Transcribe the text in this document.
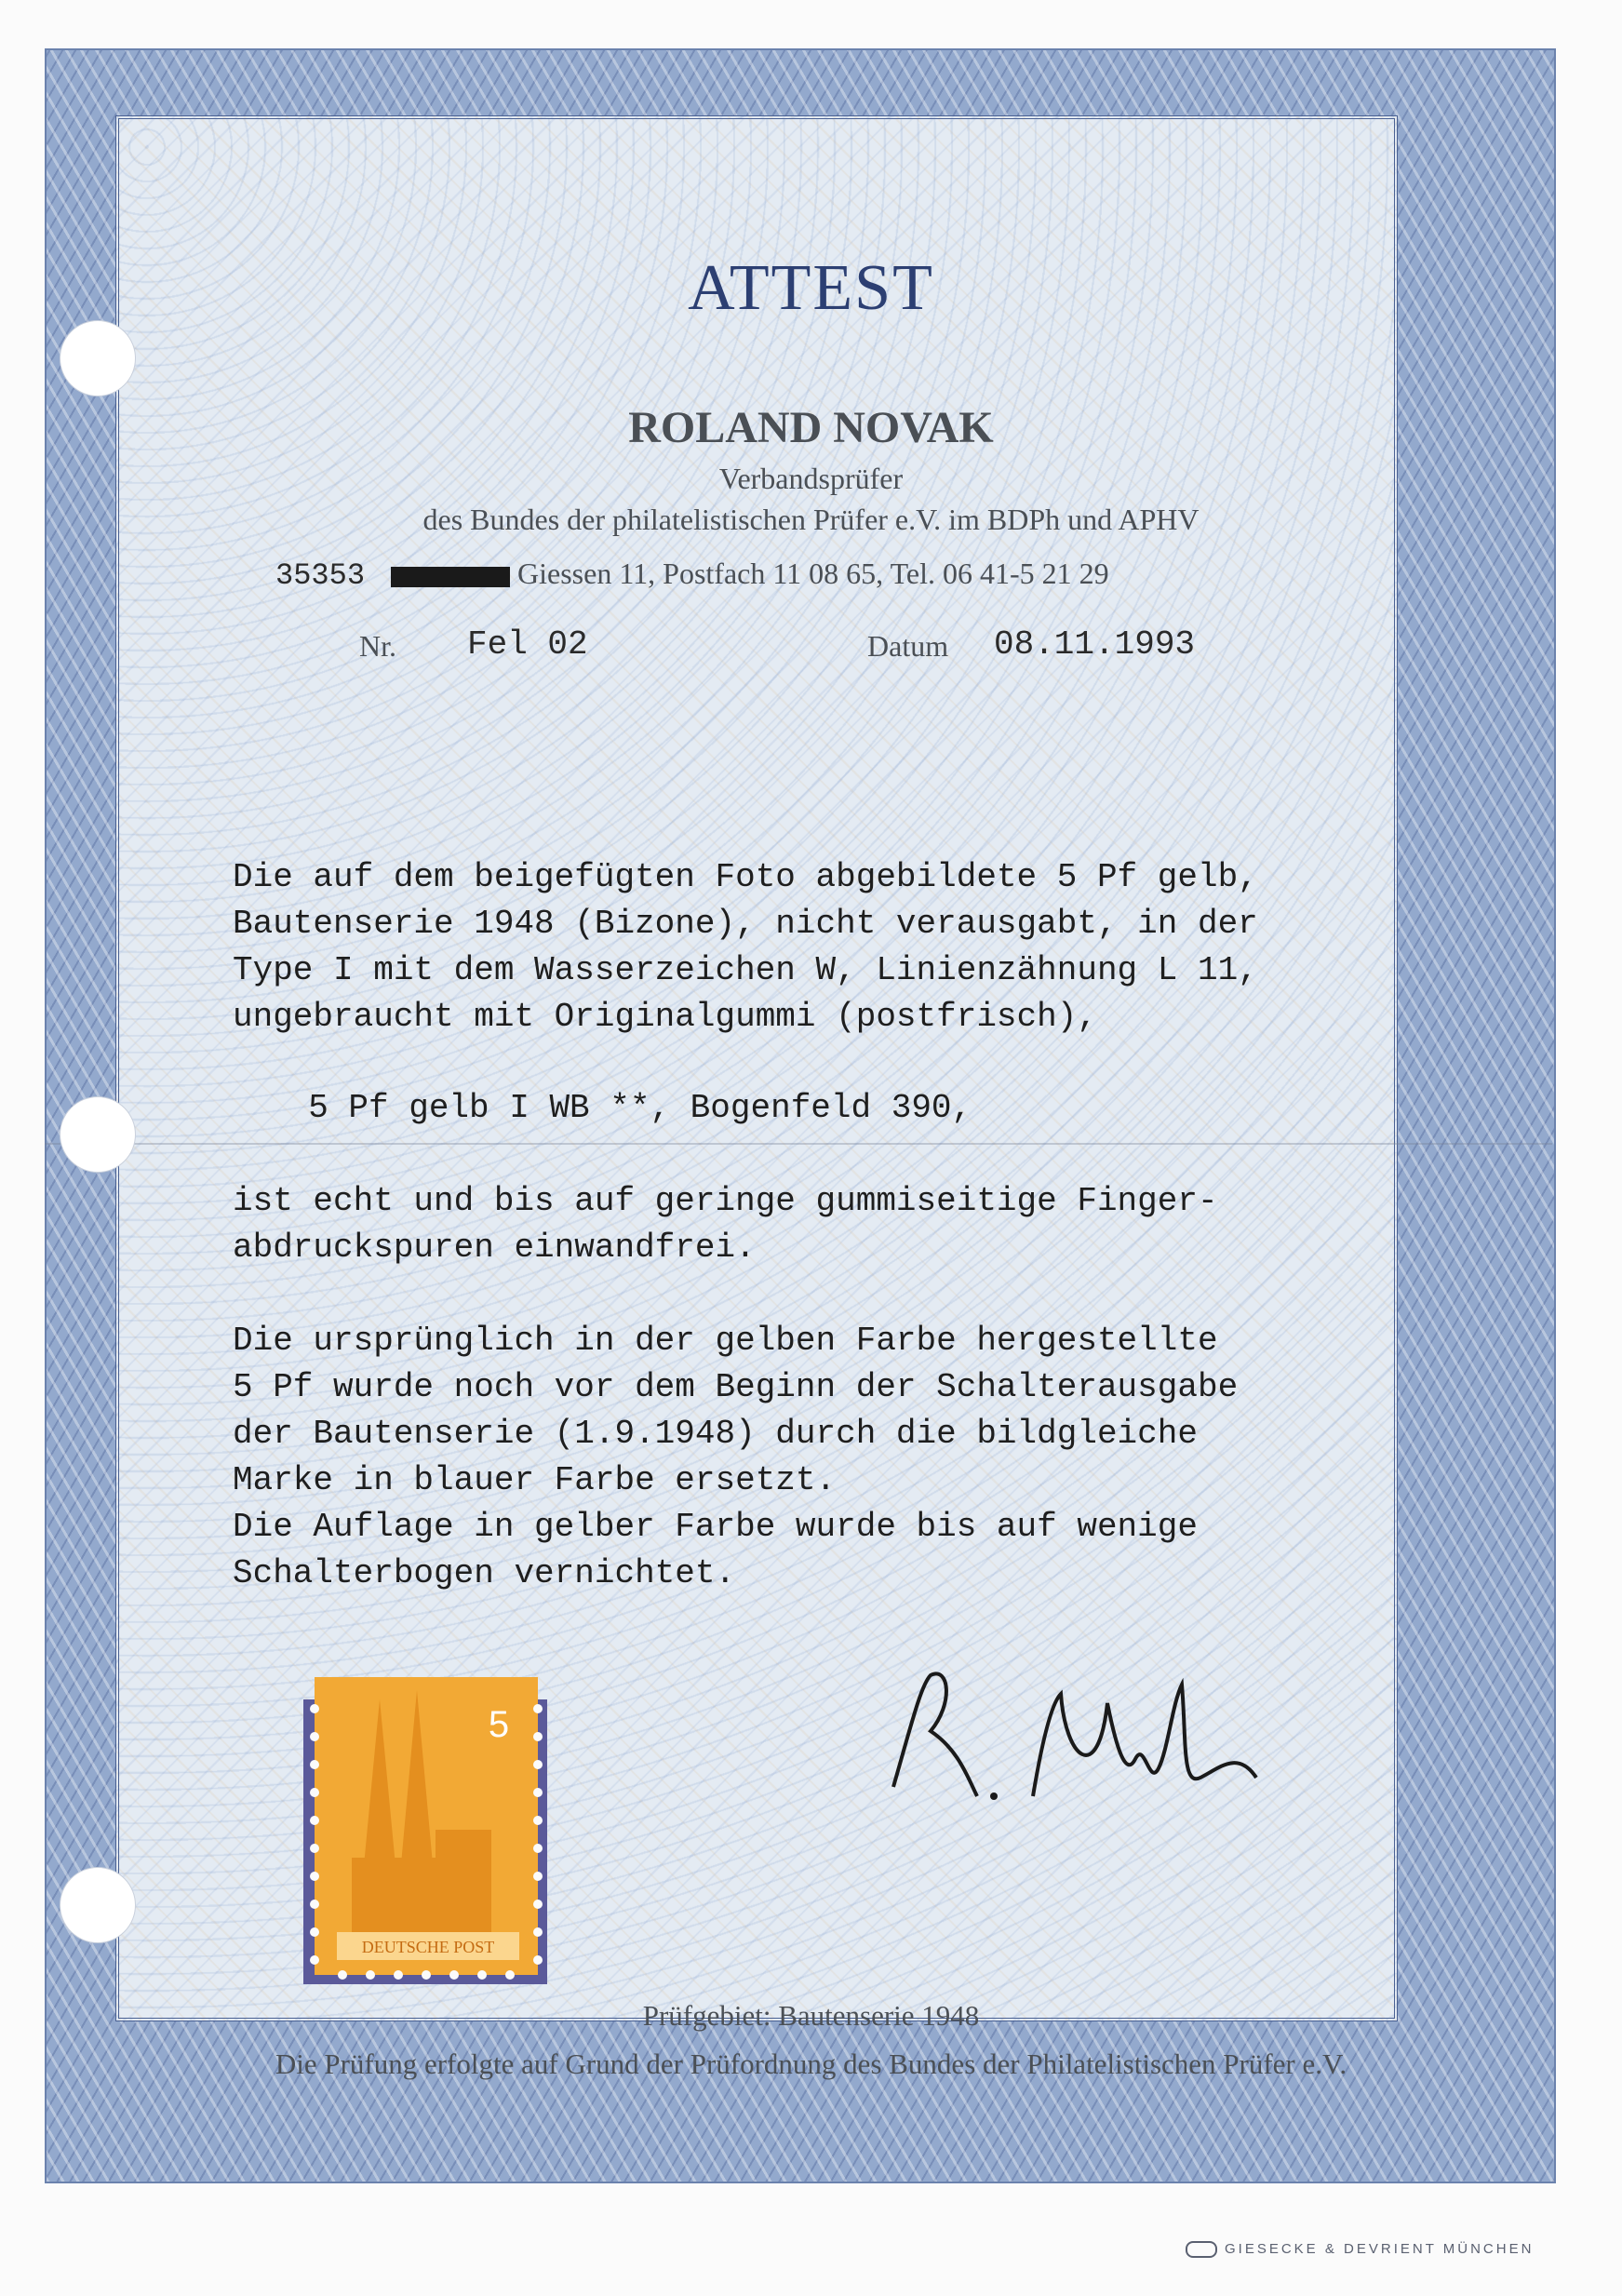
ATTEST
ROLAND NOVAK
Verbandsprüfer
des Bundes der philatelistischen Prüfer e.V. im BDPh und APHV
35353	Giessen 11, Postfach 11 08 65, Tel. 06 41-5 21 29
Nr. Fel 02	Datum 08.11.1993
Die auf dem beigefügten Foto abgebildete 5 Pf gelb,
Bautenserie 1948 (Bizone), nicht verausgabt, in der
Type I mit dem Wasserzeichen W, Linienzähnung L 11,
ungebraucht mit Originalgummi (postfrisch),
5 Pf gelb I WB **, Bogenfeld 390,
ist echt und bis auf geringe gummiseitige Finger-
abdruckspuren einwandfrei.
Die ursprünglich in der gelben Farbe hergestellte
5 Pf wurde noch vor dem Beginn der Schalterausgabe
der Bautenserie (1.9.1948) durch die bildgleiche
Marke in blauer Farbe ersetzt.
Die Auflage in gelber Farbe wurde bis auf wenige
Schalterbogen vernichtet.
DEUTSCHE POST
5
Prüfgebiet: Bautenserie 1948
Die Prüfung erfolgte auf Grund der Prüfordnung des Bundes der Philatelistischen Prüfer e.V.
GIESECKE & DEVRIENT MÜNCHEN
